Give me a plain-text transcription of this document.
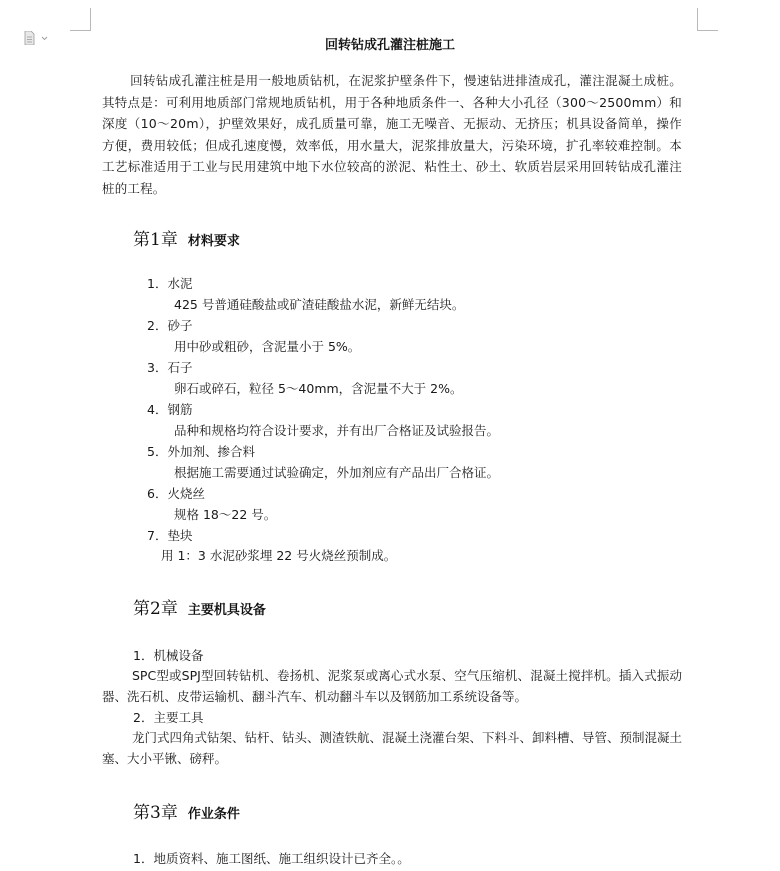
回转钻成孔灌注桩施工
回转钻成孔灌注桩是用一般地质钻机，在泥浆护壁条件下，慢速钻进排渣成孔，灌注混凝土成桩。其特点是：可利用地质部门常规地质钻机，用于各种地质条件一、各种大小孔径（300～2500mm）和深度（10～20m），护壁效果好，成孔质量可靠，施工无噪音、无振动、无挤压；机具设备简单，操作方便，费用较低；但成孔速度慢，效率低，用水量大，泥浆排放量大，污染环境，扩孔率较难控制。本工艺标准适用于工业与民用建筑中地下水位较高的淤泥、粘性土、砂土、软质岩层采用回转钻成孔灌注桩的工程。
第1章 材料要求
1．水泥
425 号普通硅酸盐或矿渣硅酸盐水泥，新鲜无结块。
2．砂子
用中砂或粗砂，含泥量小于 5%。
3．石子
卵石或碎石，粒径 5～40mm，含泥量不大于 2%。
4．钢筋
品种和规格均符合设计要求，并有出厂合格证及试验报告。
5．外加剂、掺合料
根据施工需要通过试验确定，外加剂应有产品出厂合格证。
6．火烧丝
规格 18～22 号。
7．垫块
用 1：3 水泥砂浆埋 22 号火烧丝预制成。
第2章 主要机具设备
1．机械设备
SPC型或SPJ型回转钻机、卷扬机、泥浆泵或离心式水泵、空气压缩机、混凝土搅拌机。插入式振动器、洗石机、皮带运输机、翻斗汽车、机动翻斗车以及钢筋加工系统设备等。
2．主要工具
龙门式四角式钻架、钻杆、钻头、测渣铁航、混凝土浇灌台架、下料斗、卸料槽、导管、预制混凝土塞、大小平锹、磅秤。
第3章 作业条件
1．地质资料、施工图纸、施工组织设计已齐全。。
